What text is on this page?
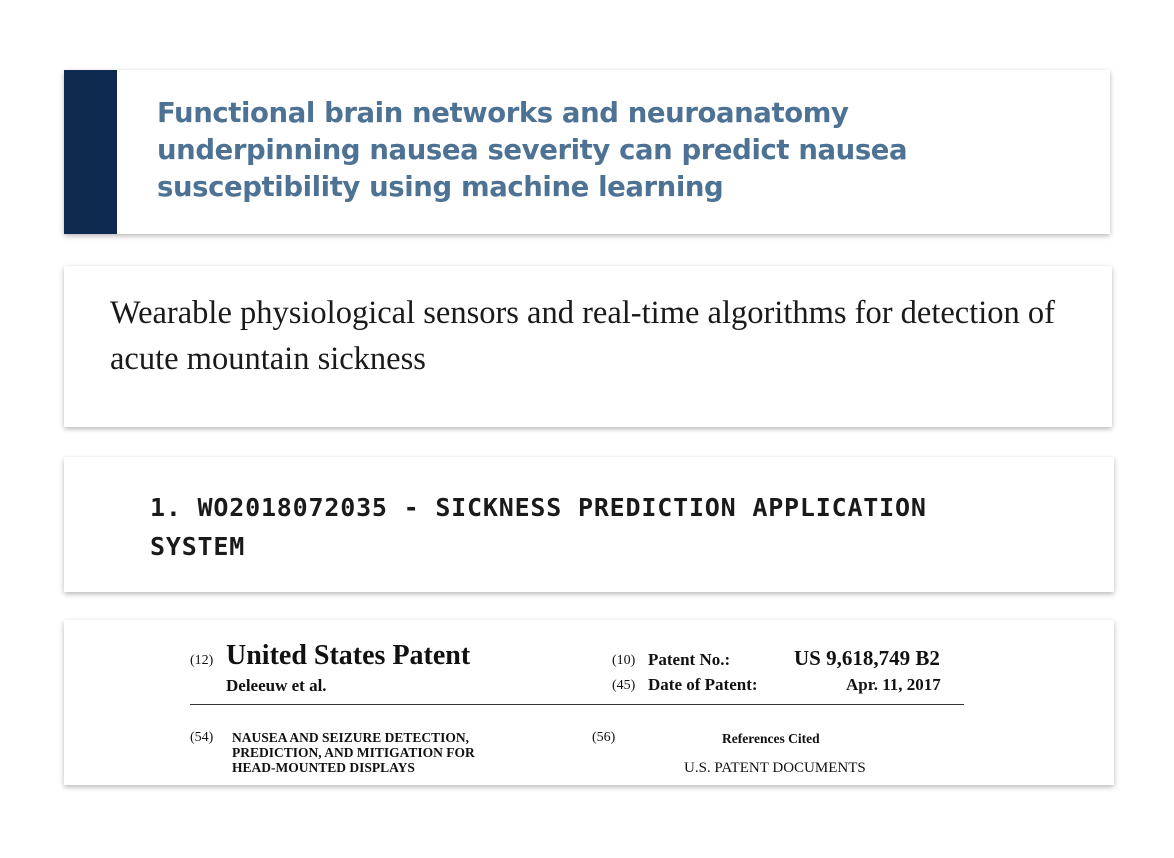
Functional brain networks and neuroanatomy underpinning nausea severity can predict nausea susceptibility using machine learning
Wearable physiological sensors and real-time algorithms for detection of acute mountain sickness
1. WO2018072035 - SICKNESS PREDICTION APPLICATION SYSTEM
(12) United States Patent
Deleeuw et al.
(10) Patent No.:	US 9,618,749 B2
(45) Date of Patent:	Apr. 11, 2017
(54) NAUSEA AND SEIZURE DETECTION,
PREDICTION, AND MITIGATION FOR
HEAD-MOUNTED DISPLAYS
(56)	References Cited
U.S. PATENT DOCUMENTS
